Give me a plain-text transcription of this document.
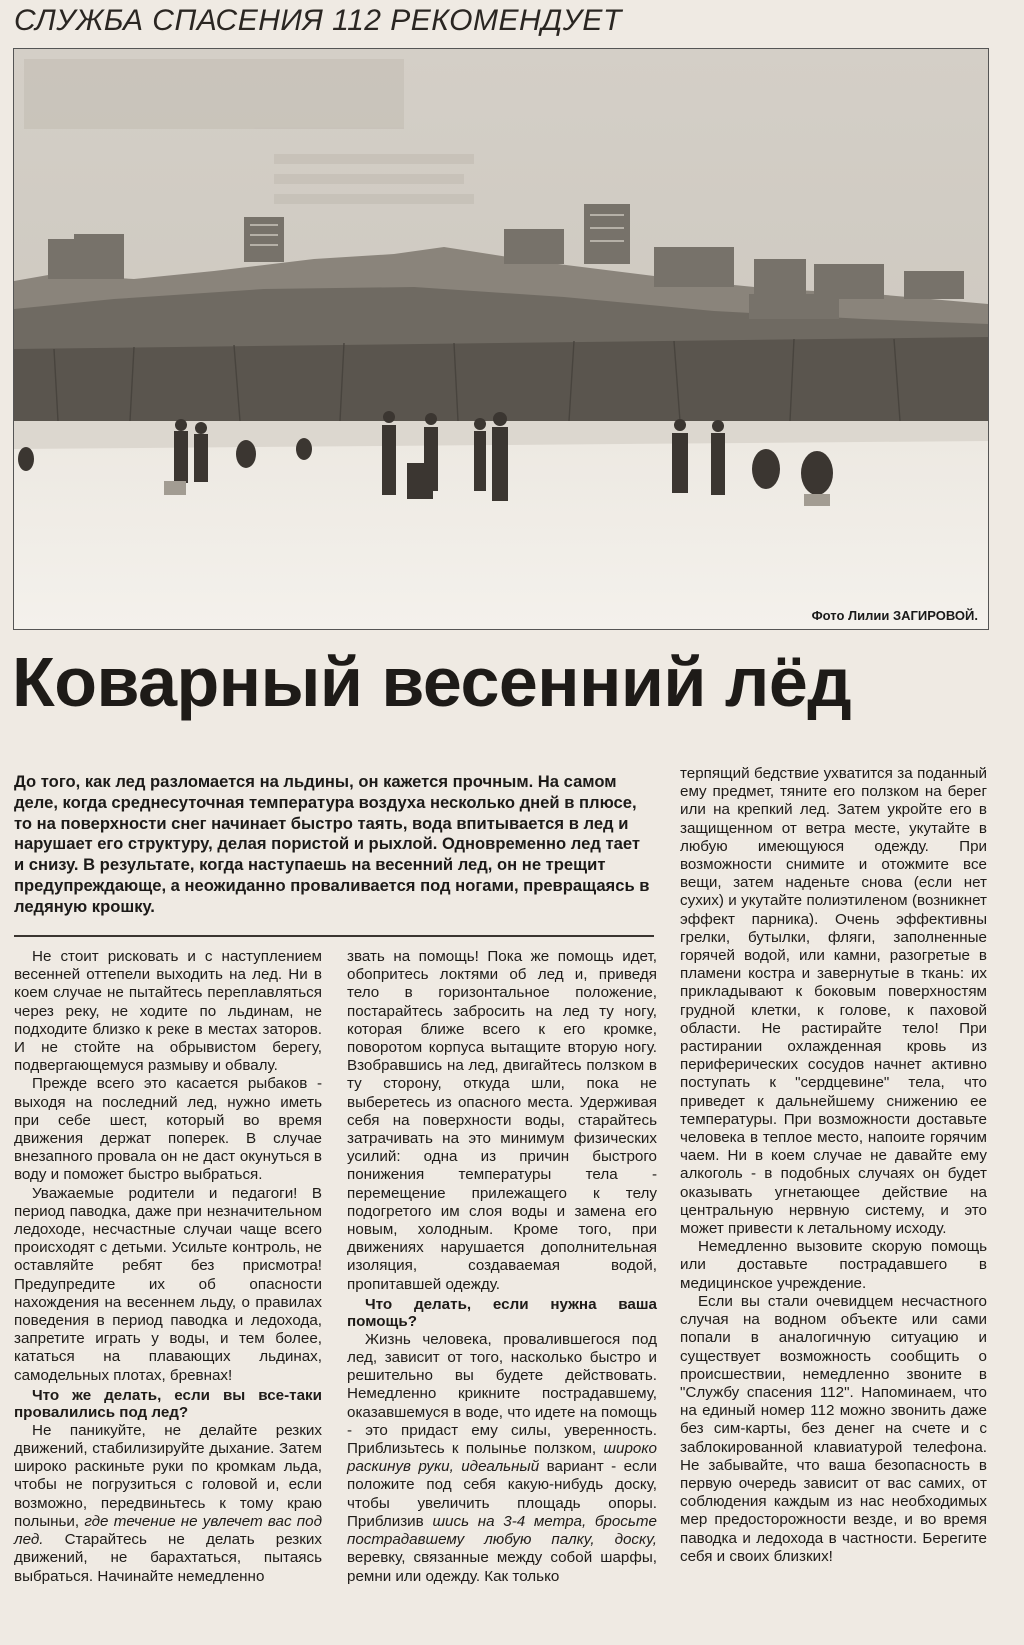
СЛУЖБА СПАСЕНИЯ 112 РЕКОМЕНДУЕТ
Фото Лилии ЗАГИРОВОЙ.
Коварный весенний лёд
До того, как лед разломается на льдины, он кажется прочным. На самом деле, когда среднесуточная температура воздуха несколько дней в плюсе, то на поверхности снег начинает быстро таять, вода впитывается в лед и нарушает его структуру, делая пористой и рыхлой. Одновременно лед тает и снизу. В результате, когда наступаешь на весенний лед, он не трещит предупреждающе, а неожиданно проваливается под ногами, превращаясь в ледяную крошку.

Не стоит рисковать и с наступлением весенней оттепели выходить на лед. Ни в коем случае не пытайтесь переплавляться через реку, не ходите по льдинам, не подходите близко к реке в местах заторов. И не стойте на обрывистом берегу, подвергающемуся размыву и обвалу.

Прежде всего это касается рыбаков - выходя на последний лед, нужно иметь при себе шест, который во время движения держат поперек. В случае внезапного провала он не даст окунуться в воду и поможет быстро выбраться.

Уважаемые родители и педагоги! В период паводка, даже при незначительном ледоходе, несчастные случаи чаще всего происходят с детьми. Усильте контроль, не оставляйте ребят без присмотра! Предупредите их об опасности нахождения на весеннем льду, о правилах поведения в период паводка и ледохода, запретите играть у воды, и тем более, кататься на плавающих льдинах, самодельных плотах, бревнах!

Что же делать, если вы все-таки провалились под лед?

Не паникуйте, не делайте резких движений, стабилизируйте дыхание. Затем широко раскиньте руки по кромкам льда, чтобы не погрузиться с головой и, если возможно, передвиньтесь к тому краю полыньи, где течение не увлечет вас под лед. Старайтесь не делать резких движений, не барахтаться, пытаясь выбраться. Начинайте немедленно

звать на помощь! Пока же помощь идет, обопритесь локтями об лед и, приведя тело в горизонтальное положение, постарайтесь забросить на лед ту ногу, которая ближе всего к его кромке, поворотом корпуса вытащите вторую ногу. Взобравшись на лед, двигайтесь ползком в ту сторону, откуда шли, пока не выберетесь из опасного места. Удерживая себя на поверхности воды, старайтесь затрачивать на это минимум физических усилий: одна из причин быстрого понижения температуры тела - перемещение прилежащего к телу подогретого им слоя воды и замена его новым, холодным. Кроме того, при движениях нарушается дополнительная изоляция, создаваемая водой, пропитавшей одежду.

Что делать, если нужна ваша помощь?

Жизнь человека, провалившегося под лед, зависит от того, насколько быстро и решительно вы будете действовать. Немедленно крикните пострадавшему, оказавшемуся в воде, что идете на помощь - это придаст ему силы, уверенность. Приблизьтесь к полынье ползком, широко раскинув руки, идеальный вариант - если положите под себя какую-нибудь доску, чтобы увеличить площадь опоры. Приблизив шись на 3-4 метра, бросьте пострадавшему любую палку, доску, веревку, связанные между собой шарфы, ремни или одежду. Как только

терпящий бедствие ухватится за поданный ему предмет, тяните его ползком на берег или на крепкий лед. Затем укройте его в защищенном от ветра месте, укутайте в любую имеющуюся одежду. При возможности снимите и отожмите все вещи, затем наденьте снова (если нет сухих) и укутайте полиэтиленом (возникнет эффект парника). Очень эффективны грелки, бутылки, фляги, заполненные горячей водой, или камни, разогретые в пламени костра и завернутые в ткань: их прикладывают к боковым поверхностям грудной клетки, к голове, к паховой области. Не растирайте тело! При растирании охлажденная кровь из периферических сосудов начнет активно поступать к "сердцевине" тела, что приведет к дальнейшему снижению ее температуры. При возможности доставьте человека в теплое место, напоите горячим чаем. Ни в коем случае не давайте ему алкоголь - в подобных случаях он будет оказывать угнетающее действие на центральную нервную систему, и это может привести к летальному исходу.

Немедленно вызовите скорую помощь или доставьте пострадавшего в медицинское учреждение.

Если вы стали очевидцем несчастного случая на водном объекте или сами попали в аналогичную ситуацию и существует возможность сообщить о происшествии, немедленно звоните в "Службу спасения 112". Напоминаем, что на единый номер 112 можно звонить даже без сим-карты, без денег на счете и с заблокированной клавиатурой телефона. Не забывайте, что ваша безопасность в первую очередь зависит от вас самих, от соблюдения каждым из нас необходимых мер предосторожности везде, и во время паводка и ледохода в частности. Берегите себя и своих близких!
